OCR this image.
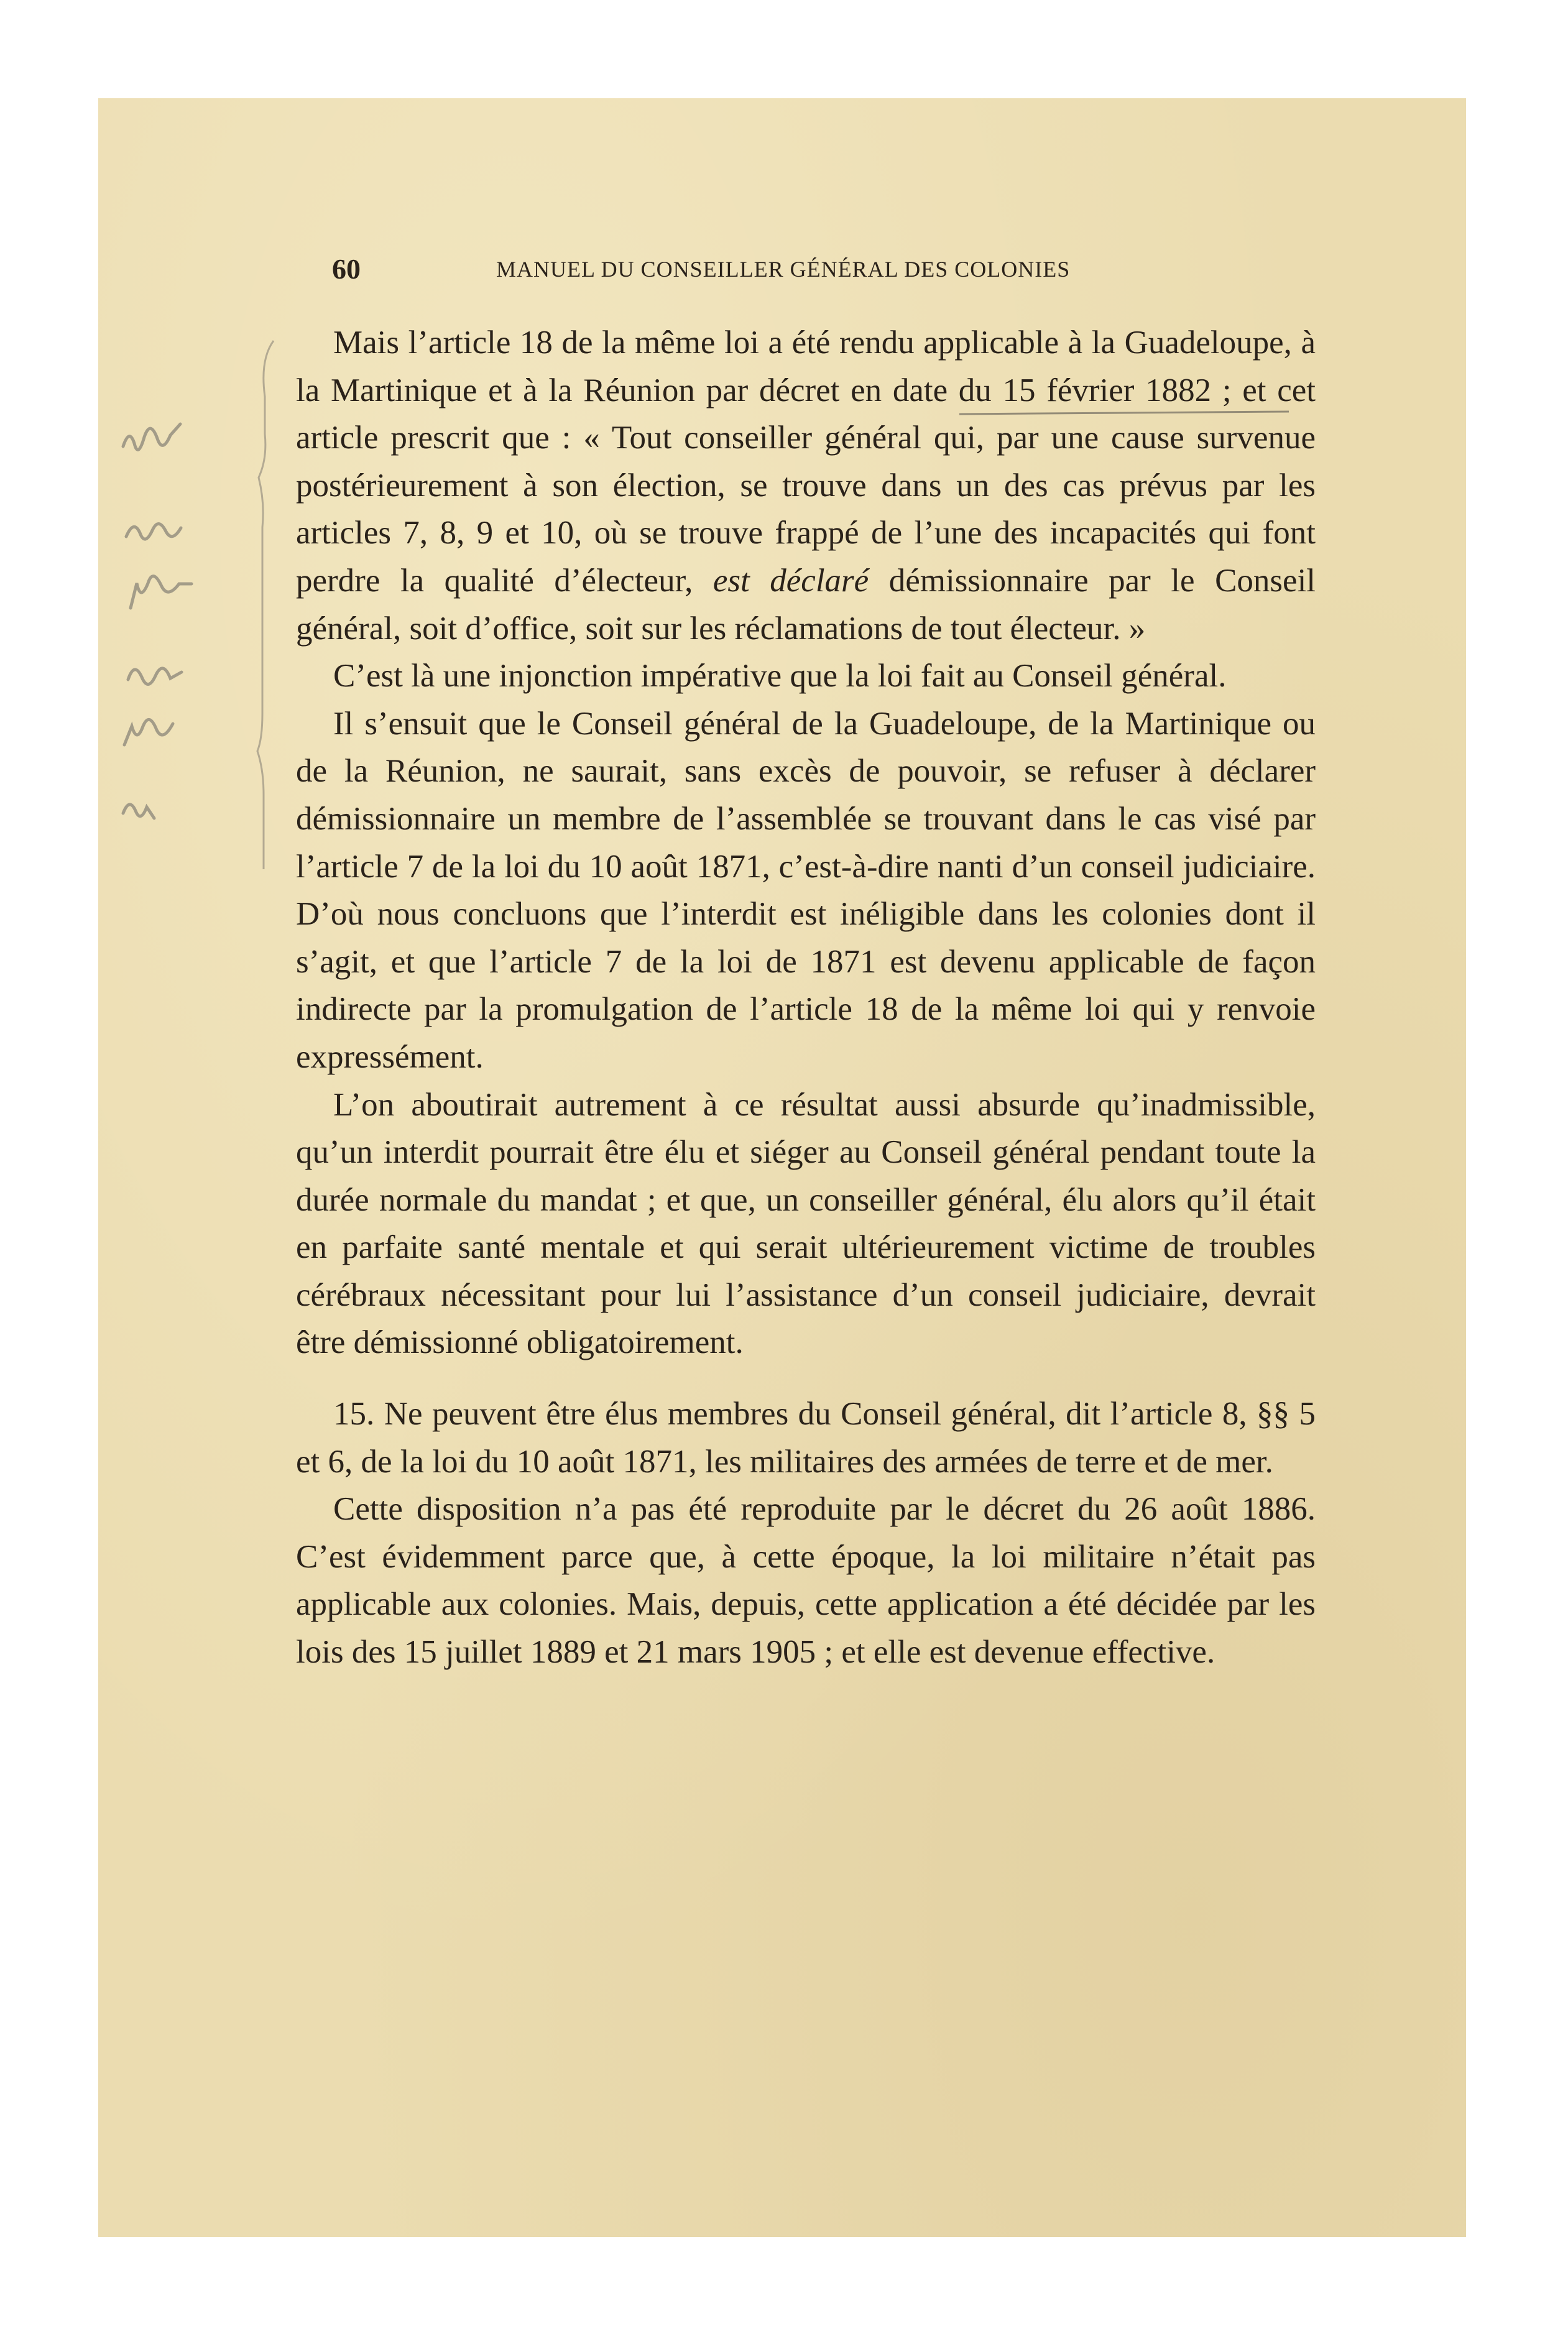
60	MANUEL DU CONSEILLER GÉNÉRAL DES COLONIES

Mais l’article 18 de la même loi a été rendu applicable à la Guadeloupe, à la Martinique et à la Réunion par décret en date du 15 février 1882 ; et cet article prescrit que : « Tout conseiller général qui, par une cause survenue postérieurement à son élection, se trouve dans un des cas prévus par les articles 7, 8, 9 et 10, où se trouve frappé de l’une des incapacités qui font perdre la qualité d’électeur, est déclaré démissionnaire par le Conseil général, soit d’office, soit sur les réclamations de tout électeur. »

C’est là une injonction impérative que la loi fait au Conseil général.

Il s’ensuit que le Conseil général de la Guadeloupe, de la Martinique ou de la Réunion, ne saurait, sans excès de pouvoir, se refuser à déclarer démissionnaire un membre de l’assemblée se trouvant dans le cas visé par l’article 7 de la loi du 10 août 1871, c’est-à-dire nanti d’un conseil judiciaire. D’où nous concluons que l’interdit est inéligible dans les colonies dont il s’agit, et que l’article 7 de la loi de 1871 est devenu applicable de façon indirecte par la promulgation de l’article 18 de la même loi qui y renvoie expressément.

L’on aboutirait autrement à ce résultat aussi absurde qu’inadmissible, qu’un interdit pourrait être élu et siéger au Conseil général pendant toute la durée normale du mandat ; et que, un conseiller général, élu alors qu’il était en parfaite santé mentale et qui serait ultérieurement victime de troubles cérébraux nécessitant pour lui l’assistance d’un conseil judiciaire, devrait être démissionné obligatoirement.

15. Ne peuvent être élus membres du Conseil général, dit l’article 8, §§ 5 et 6, de la loi du 10 août 1871, les militaires des armées de terre et de mer.

Cette disposition n’a pas été reproduite par le décret du 26 août 1886. C’est évidemment parce que, à cette époque, la loi militaire n’était pas applicable aux colonies. Mais, depuis, cette application a été décidée par les lois des 15 juillet 1889 et 21 mars 1905 ; et elle est devenue effective.
